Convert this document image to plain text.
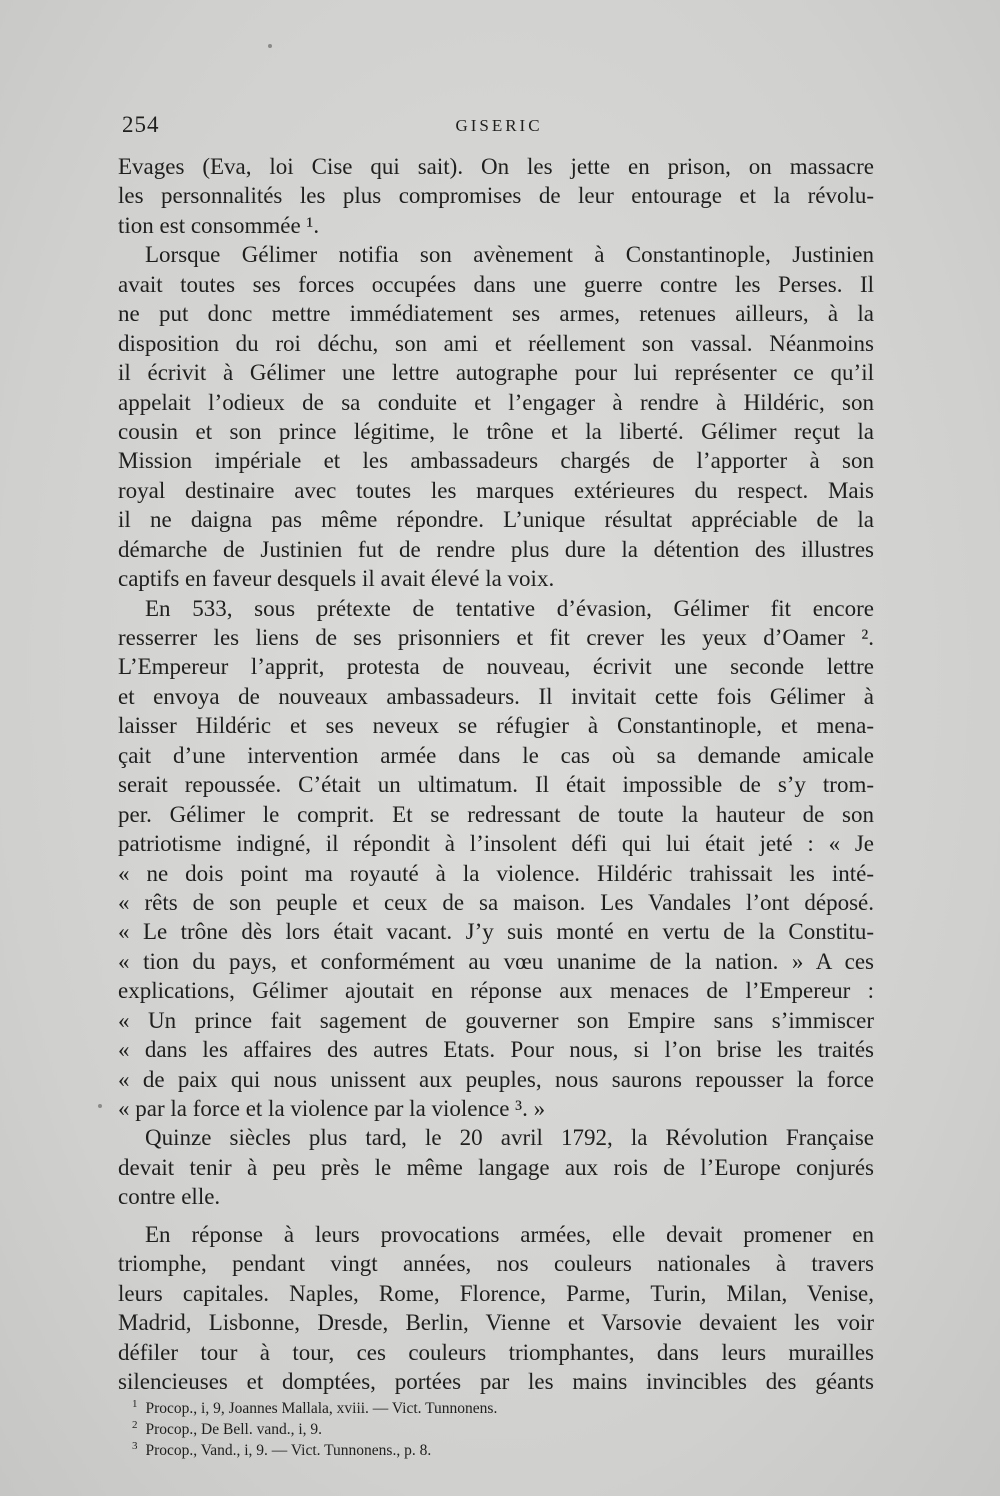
254	GISERIC
Evages (Eva, loi Cise qui sait). On les jette en prison, on massacre
les personnalités les plus compromises de leur entourage et la révolu-
tion est consommée ¹.
Lorsque Gélimer notifia son avènement à Constantinople, Justinien
avait toutes ses forces occupées dans une guerre contre les Perses. Il
ne put donc mettre immédiatement ses armes, retenues ailleurs, à la
disposition du roi déchu, son ami et réellement son vassal. Néanmoins
il écrivit à Gélimer une lettre autographe pour lui représenter ce qu’il
appelait l’odieux de sa conduite et l’engager à rendre à Hildéric, son
cousin et son prince légitime, le trône et la liberté. Gélimer reçut la
Mission impériale et les ambassadeurs chargés de l’apporter à son
royal destinaire avec toutes les marques extérieures du respect. Mais
il ne daigna pas même répondre. L’unique résultat appréciable de la
démarche de Justinien fut de rendre plus dure la détention des illustres
captifs en faveur desquels il avait élevé la voix.
En 533, sous prétexte de tentative d’évasion, Gélimer fit encore
resserrer les liens de ses prisonniers et fit crever les yeux d’Oamer ².
L’Empereur l’apprit, protesta de nouveau, écrivit une seconde lettre
et envoya de nouveaux ambassadeurs. Il invitait cette fois Gélimer à
laisser Hildéric et ses neveux se réfugier à Constantinople, et mena-
çait d’une intervention armée dans le cas où sa demande amicale
serait repoussée. C’était un ultimatum. Il était impossible de s’y trom-
per. Gélimer le comprit. Et se redressant de toute la hauteur de son
patriotisme indigné, il répondit à l’insolent défi qui lui était jeté : « Je
« ne dois point ma royauté à la violence. Hildéric trahissait les inté-
« rêts de son peuple et ceux de sa maison. Les Vandales l’ont déposé.
« Le trône dès lors était vacant. J’y suis monté en vertu de la Constitu-
« tion du pays, et conformément au vœu unanime de la nation. » A ces
explications, Gélimer ajoutait en réponse aux menaces de l’Empereur :
« Un prince fait sagement de gouverner son Empire sans s’immiscer
« dans les affaires des autres Etats. Pour nous, si l’on brise les traités
« de paix qui nous unissent aux peuples, nous saurons repousser la force
« par la force et la violence par la violence ³. »
Quinze siècles plus tard, le 20 avril 1792, la Révolution Française
devait tenir à peu près le même langage aux rois de l’Europe conjurés
contre elle.
En réponse à leurs provocations armées, elle devait promener en
triomphe, pendant vingt années, nos couleurs nationales à travers
leurs capitales. Naples, Rome, Florence, Parme, Turin, Milan, Venise,
Madrid, Lisbonne, Dresde, Berlin, Vienne et Varsovie devaient les voir
défiler tour à tour, ces couleurs triomphantes, dans leurs murailles
silencieuses et domptées, portées par les mains invincibles des géants
$^1$ Procop., i, 9, Joannes Mallala, xviii. — Vict. Tunnonens.
$^2$ Procop., De Bell. vand., i, 9.
$^3$ Procop., Vand., i, 9. — Vict. Tunnonens., p. 8.
